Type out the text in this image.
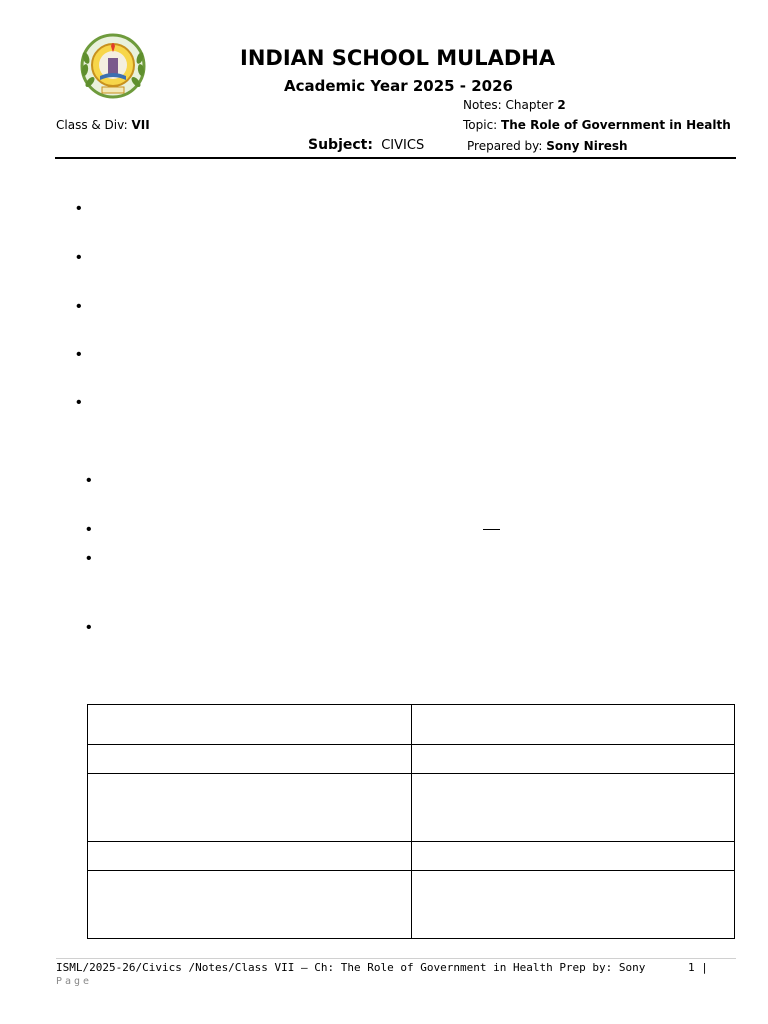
INDIAN SCHOOL MULADHA
Academic Year 2025 - 2026
Notes: Chapter 2
Class & Div: VII	Topic: The Role of Government in Health
Subject: CIVICS	Prepared by: Sony Niresh
•
•
•
•
•
•
•
•
•

ISML/2025-26/Civics /Notes/Class VII – Ch: The Role of Government in Health Prep by: Sony	1 |
Page
